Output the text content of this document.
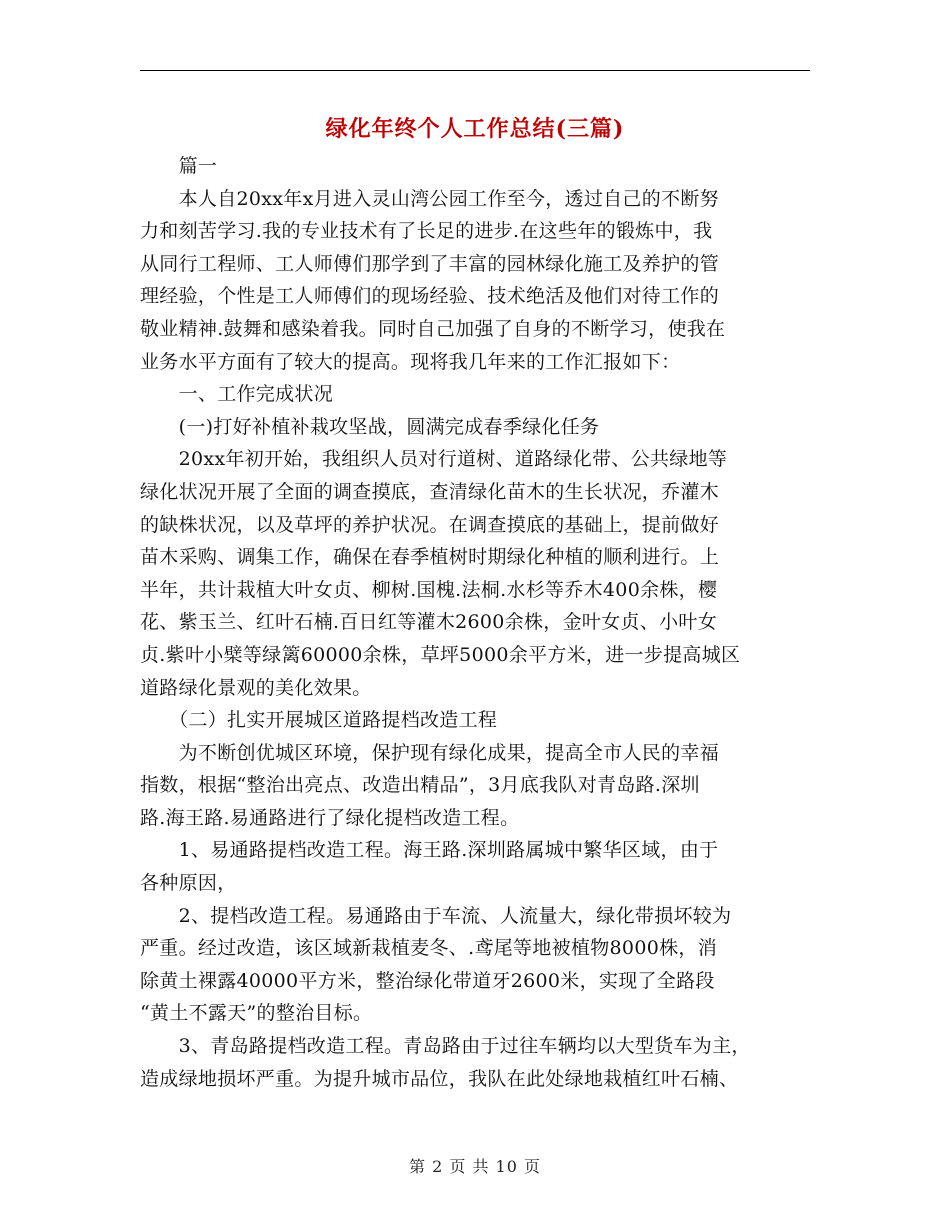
绿化年终个人工作总结(三篇)
　　篇一
　　本人自20xx年x月进入灵山湾公园工作至今，透过自己的不断努
力和刻苦学习.我的专业技术有了长足的进步.在这些年的锻炼中，我
从同行工程师、工人师傅们那学到了丰富的园林绿化施工及养护的管
理经验，个性是工人师傅们的现场经验、技术绝活及他们对待工作的
敬业精神.鼓舞和感染着我。同时自己加强了自身的不断学习，使我在
业务水平方面有了较大的提高。现将我几年来的工作汇报如下：
　　一、工作完成状况
　　(一)打好补植补栽攻坚战，圆满完成春季绿化任务
　　20xx年初开始，我组织人员对行道树、道路绿化带、公共绿地等
绿化状况开展了全面的调查摸底，查清绿化苗木的生长状况，乔灌木
的缺株状况，以及草坪的养护状况。在调查摸底的基础上，提前做好
苗木采购、调集工作，确保在春季植树时期绿化种植的顺利进行。上
半年，共计栽植大叶女贞、柳树.国槐.法桐.水杉等乔木400余株，樱
花、紫玉兰、红叶石楠.百日红等灌木2600余株，金叶女贞、小叶女
贞.紫叶小檗等绿篱60000余株，草坪5000余平方米，进一步提高城区
道路绿化景观的美化效果。
　　（二）扎实开展城区道路提档改造工程
　　为不断创优城区环境，保护现有绿化成果，提高全市人民的幸福
指数，根据“整治出亮点、改造出精品”，3月底我队对青岛路.深圳
路.海王路.易通路进行了绿化提档改造工程。
　　1、易通路提档改造工程。海王路.深圳路属城中繁华区域，由于
各种原因，
　　2、提档改造工程。易通路由于车流、人流量大，绿化带损坏较为
严重。经过改造，该区域新栽植麦冬、.鸢尾等地被植物8000株，消
除黄土裸露40000平方米，整治绿化带道牙2600米，实现了全路段
“黄土不露天”的整治目标。
　　3、青岛路提档改造工程。青岛路由于过往车辆均以大型货车为主，
造成绿地损坏严重。为提升城市品位，我队在此处绿地栽植红叶石楠、
第 2 页 共 10 页
